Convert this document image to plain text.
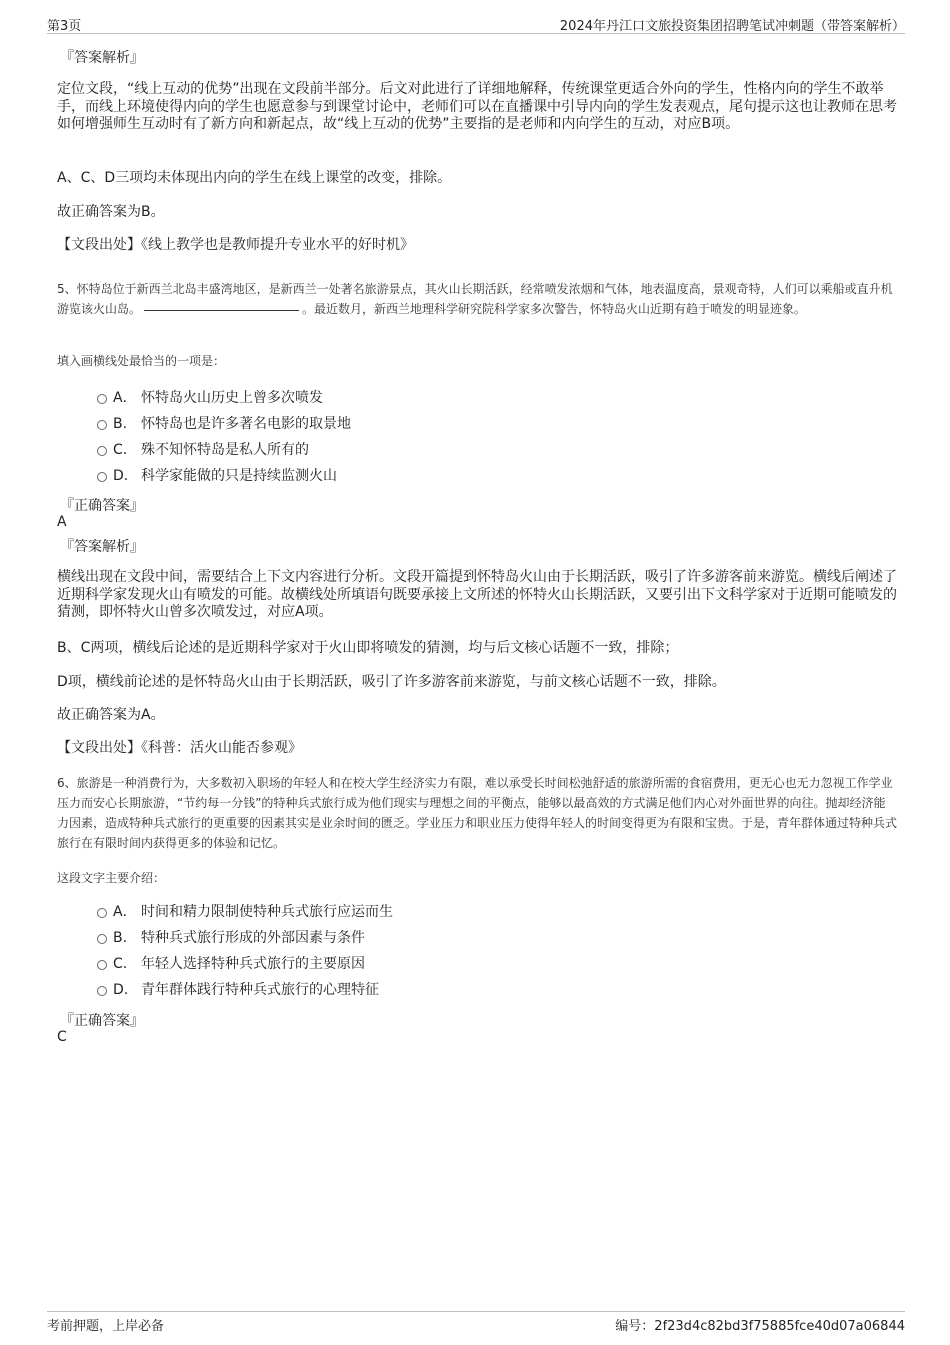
第3页	2024年丹江口文旅投资集团招聘笔试冲刺题（带答案解析）
『答案解析』

定位文段，“线上互动的优势”出现在文段前半部分。后文对此进行了详细地解释，传统课堂更适合外向的学生，性格内向的学生不敢举手，而线上环境使得内向的学生也愿意参与到课堂讨论中，老师们可以在直播课中引导内向的学生发表观点，尾句提示这也让教师在思考如何增强师生互动时有了新方向和新起点，故“线上互动的优势”主要指的是老师和内向学生的互动，对应B项。

A、C、D三项均未体现出内向的学生在线上课堂的改变，排除。

故正确答案为B。

【文段出处】《线上教学也是教师提升专业水平的好时机》

5、怀特岛位于新西兰北岛丰盛湾地区，是新西兰一处著名旅游景点，其火山长期活跃，经常喷发浓烟和气体，地表温度高，景观奇特，人们可以乘船或直升机游览该火山岛。	。最近数月，新西兰地理科学研究院科学家多次警告，怀特岛火山近期有趋于喷发的明显迹象。

填入画横线处最恰当的一项是：

A． 怀特岛火山历史上曾多次喷发
B. 怀特岛也是许多著名电影的取景地
C. 殊不知怀特岛是私人所有的
D. 科学家能做的只是持续监测火山
『正确答案』
A
『答案解析』

横线出现在文段中间，需要结合上下文内容进行分析。文段开篇提到怀特岛火山由于长期活跃，吸引了许多游客前来游览。横线后阐述了近期科学家发现火山有喷发的可能。故横线处所填语句既要承接上文所述的怀特火山长期活跃，又要引出下文科学家对于近期可能喷发的猜测，即怀特火山曾多次喷发过，对应A项。

B、C两项，横线后论述的是近期科学家对于火山即将喷发的猜测，均与后文核心话题不一致，排除；

D项，横线前论述的是怀特岛火山由于长期活跃，吸引了许多游客前来游览，与前文核心话题不一致，排除。

故正确答案为A。

【文段出处】《科普：活火山能否参观》

6、旅游是一种消费行为，大多数初入职场的年轻人和在校大学生经济实力有限，难以承受长时间松弛舒适的旅游所需的食宿费用，更无心也无力忽视工作学业压力而安心长期旅游，“节约每一分钱”的特种兵式旅行成为他们现实与理想之间的平衡点，能够以最高效的方式满足他们内心对外面世界的向往。抛却经济能力因素，造成特种兵式旅行的更重要的因素其实是业余时间的匮乏。学业压力和职业压力使得年轻人的时间变得更为有限和宝贵。于是，青年群体通过特种兵式旅行在有限时间内获得更多的体验和记忆。

这段文字主要介绍：

A． 时间和精力限制使特种兵式旅行应运而生
B. 特种兵式旅行形成的外部因素与条件
C. 年轻人选择特种兵式旅行的主要原因
D. 青年群体践行特种兵式旅行的心理特征
『正确答案』
C
考前押题，上岸必备	编号：2f23d4c82bd3f75885fce40d07a06844
